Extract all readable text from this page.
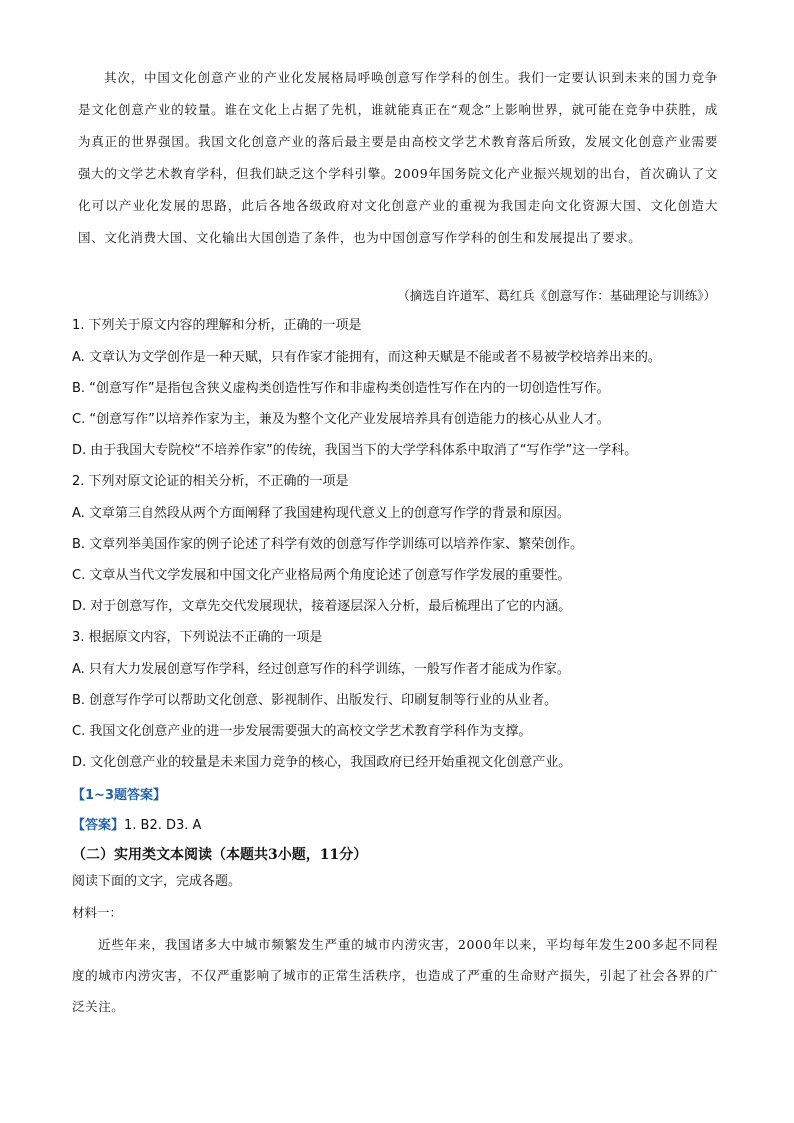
其次，中国文化创意产业的产业化发展格局呼唤创意写作学科的创生。我们一定要认识到未来的国力竞争是文化创意产业的较量。谁在文化上占据了先机，谁就能真正在“观念”上影响世界，就可能在竞争中获胜，成为真正的世界强国。我国文化创意产业的落后最主要是由高校文学艺术教育落后所致，发展文化创意产业需要强大的文学艺术教育学科，但我们缺乏这个学科引擎。2009年国务院文化产业振兴规划的出台，首次确认了文化可以产业化发展的思路，此后各地各级政府对文化创意产业的重视为我国走向文化资源大国、文化创造大国、文化消费大国、文化输出大国创造了条件，也为中国创意写作学科的创生和发展提出了要求。

（摘选自许道军、葛红兵《创意写作：基础理论与训练》）

1. 下列关于原文内容的理解和分析，正确的一项是

A. 文章认为文学创作是一种天赋，只有作家才能拥有，而这种天赋是不能或者不易被学校培养出来的。

B. “创意写作”是指包含狭义虚构类创造性写作和非虚构类创造性写作在内的一切创造性写作。

C. “创意写作”以培养作家为主，兼及为整个文化产业发展培养具有创造能力的核心从业人才。

D. 由于我国大专院校“不培养作家”的传统，我国当下的大学学科体系中取消了“写作学”这一学科。

2. 下列对原文论证的相关分析，不正确的一项是

A. 文章第三自然段从两个方面阐释了我国建构现代意义上的创意写作学的背景和原因。

B. 文章列举美国作家的例子论述了科学有效的创意写作学训练可以培养作家、繁荣创作。

C. 文章从当代文学发展和中国文化产业格局两个角度论述了创意写作学发展的重要性。

D. 对于创意写作，文章先交代发展现状，接着逐层深入分析，最后梳理出了它的内涵。

3. 根据原文内容，下列说法不正确的一项是

A. 只有大力发展创意写作学科，经过创意写作的科学训练，一般写作者才能成为作家。

B. 创意写作学可以帮助文化创意、影视制作、出版发行、印刷复制等行业的从业者。

C. 我国文化创意产业的进一步发展需要强大的高校文学艺术教育学科作为支撑。

D. 文化创意产业的较量是未来国力竞争的核心，我国政府已经开始重视文化创意产业。

【1~3题答案】

【答案】1. B2. D3. A

（二）实用类文本阅读（本题共3小题，11分）

阅读下面的文字，完成各题。

材料一：

近些年来，我国诸多大中城市频繁发生严重的城市内涝灾害，2000年以来，平均每年发生200多起不同程度的城市内涝灾害，不仅严重影响了城市的正常生活秩序，也造成了严重的生命财产损失，引起了社会各界的广泛关注。
